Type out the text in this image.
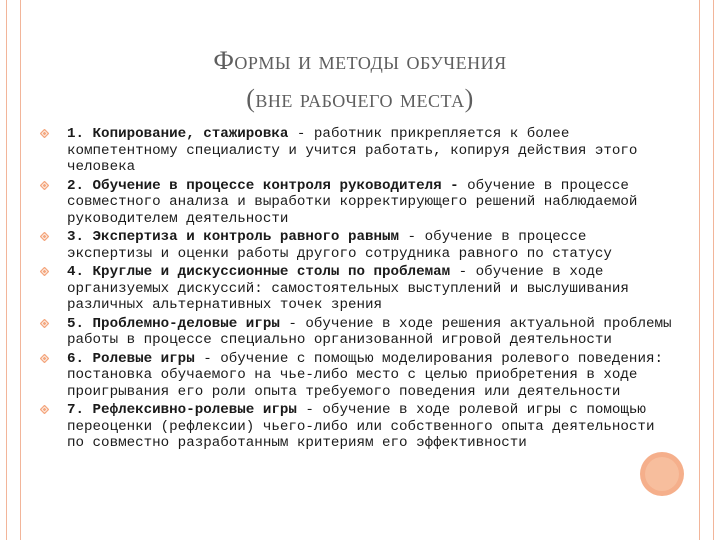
Формы и методы обучения
(вне рабочего места)
1. Копирование, стажировка - работник прикрепляется к более компетентному специалисту и учится работать, копируя действия этого человека
2. Обучение в процессе контроля руководителя - обучение в процессе совместного анализа и выработки корректирующего решений наблюдаемой руководителем деятельности
3. Экспертиза и контроль равного равным - обучение в процессе экспертизы и оценки работы другого сотрудника равного по статусу
4. Круглые и дискуссионные столы по проблемам - обучение в ходе организуемых дискуссий: самостоятельных выступлений и выслушивания различных альтернативных точек зрения
5. Проблемно-деловые игры - обучение в ходе решения актуальной проблемы работы в процессе специально организованной игровой деятельности
6. Ролевые игры - обучение с помощью моделирования ролевого поведения: постановка обучаемого на чье-либо место с целью приобретения в ходе проигрывания его роли опыта требуемого поведения или деятельности
7. Рефлексивно-ролевые игры - обучение в ходе ролевой игры с помощью переоценки (рефлексии) чьего-либо или собственного опыта деятельности по совместно разработанным критериям его эффективности
